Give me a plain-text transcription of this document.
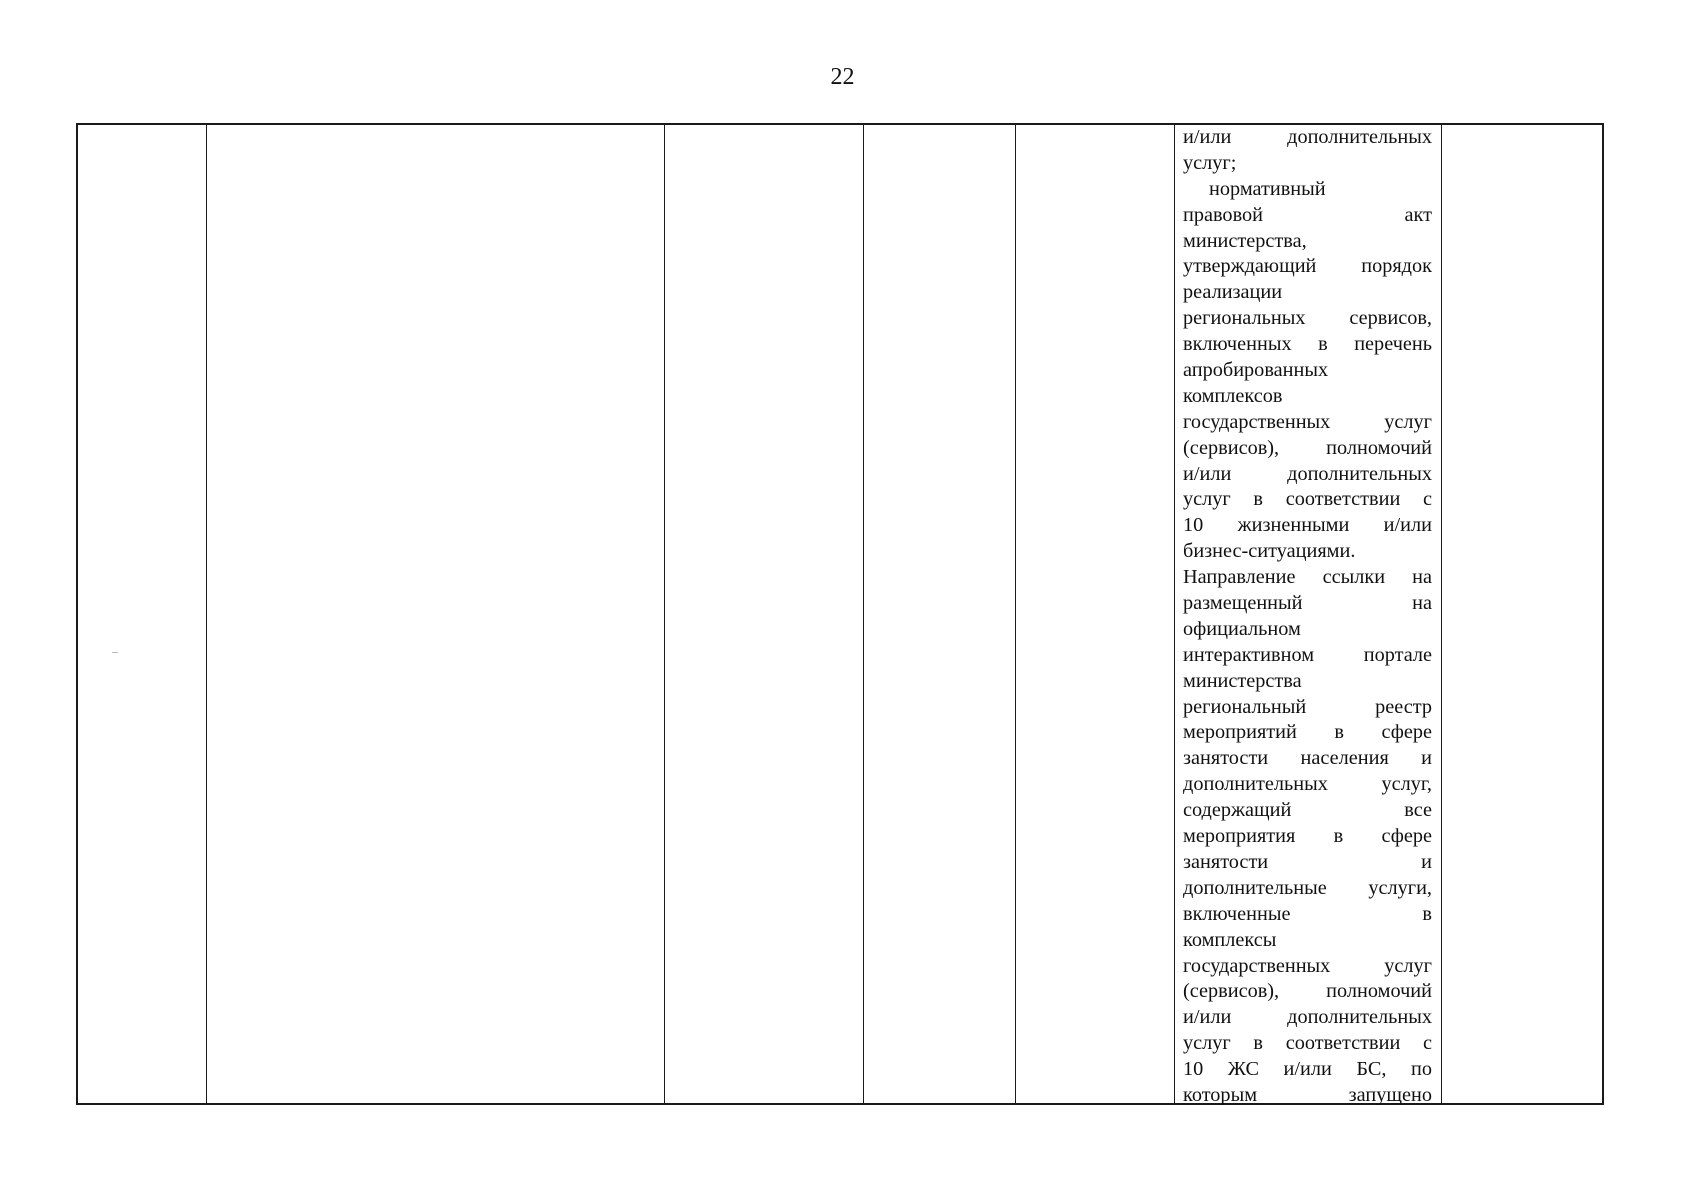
22
и/или дополнительных
услуг;
нормативный
правовой акт
министерства,
утверждающий порядок
реализации
региональных сервисов,
включенных в перечень
апробированных
комплексов
государственных услуг
(сервисов), полномочий
и/или дополнительных
услуг в соответствии с
10 жизненными и/или
бизнес-ситуациями.
Направление ссылки на
размещенный на
официальном
интерактивном портале
министерства
региональный реестр
мероприятий в сфере
занятости населения и
дополнительных услуг,
содержащий все
мероприятия в сфере
занятости и
дополнительные услуги,
включенные в
комплексы
государственных услуг
(сервисов), полномочий
и/или дополнительных
услуг в соответствии с
10 ЖС и/или БС, по
которым запущено
